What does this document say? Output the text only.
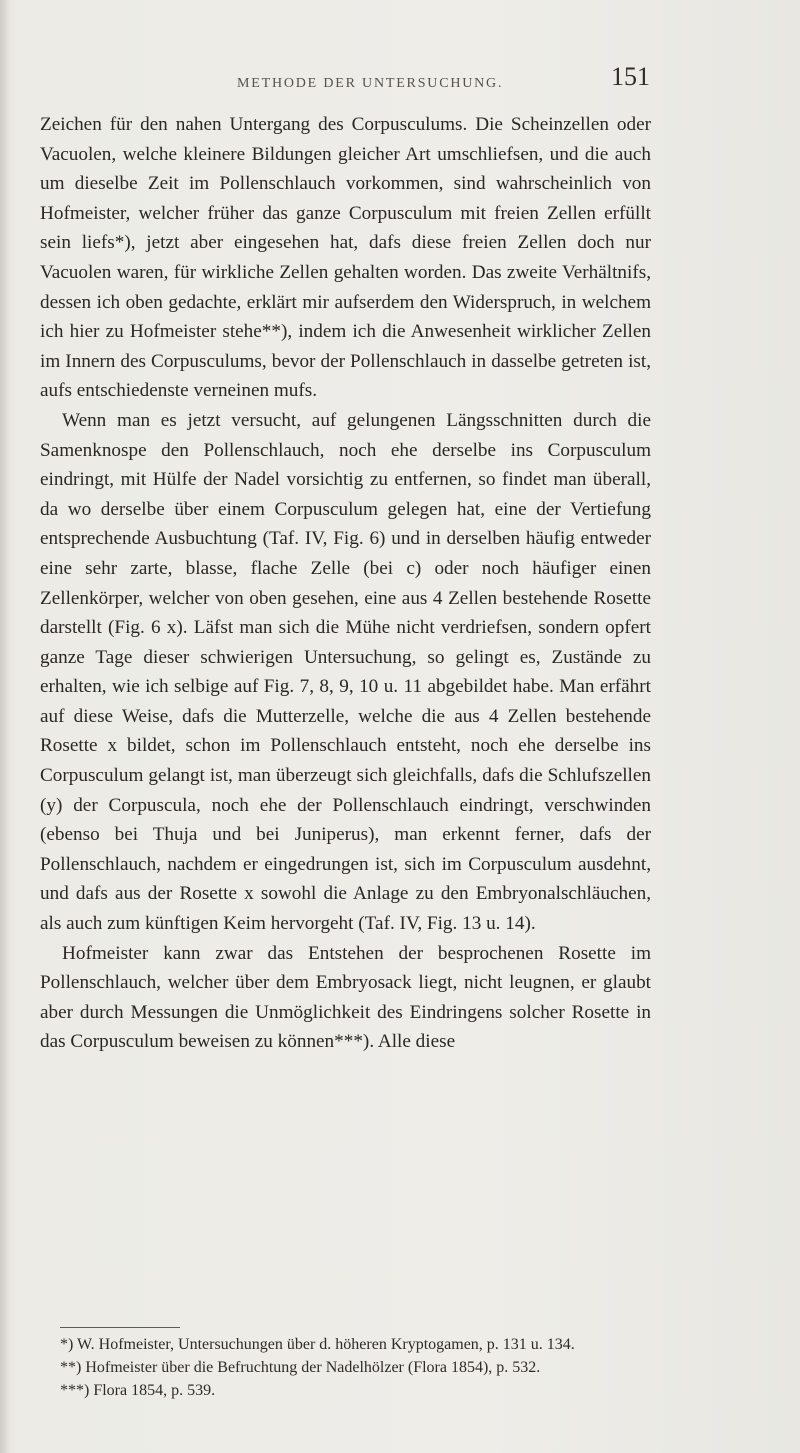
METHODE DER UNTERSUCHUNG.	151

Zeichen für den nahen Untergang des Corpusculums. Die Scheinzellen oder Vacuolen, welche kleinere Bildungen gleicher Art umschliefsen, und die auch um dieselbe Zeit im Pollenschlauch vorkommen, sind wahrscheinlich von Hofmeister, welcher früher das ganze Corpusculum mit freien Zellen erfüllt sein liefs*), jetzt aber eingesehen hat, dafs diese freien Zellen doch nur Vacuolen waren, für wirkliche Zellen gehalten worden. Das zweite Verhältnifs, dessen ich oben gedachte, erklärt mir aufserdem den Widerspruch, in welchem ich hier zu Hofmeister stehe**), indem ich die Anwesenheit wirklicher Zellen im Innern des Corpusculums, bevor der Pollenschlauch in dasselbe getreten ist, aufs entschiedenste verneinen mufs.

Wenn man es jetzt versucht, auf gelungenen Längsschnitten durch die Samenknospe den Pollenschlauch, noch ehe derselbe ins Corpusculum eindringt, mit Hülfe der Nadel vorsichtig zu entfernen, so findet man überall, da wo derselbe über einem Corpusculum gelegen hat, eine der Vertiefung entsprechende Ausbuchtung (Taf. IV, Fig. 6) und in derselben häufig entweder eine sehr zarte, blasse, flache Zelle (bei c) oder noch häufiger einen Zellenkörper, welcher von oben gesehen, eine aus 4 Zellen bestehende Rosette darstellt (Fig. 6 x). Läfst man sich die Mühe nicht verdriefsen, sondern opfert ganze Tage dieser schwierigen Untersuchung, so gelingt es, Zustände zu erhalten, wie ich selbige auf Fig. 7, 8, 9, 10 u. 11 abgebildet habe. Man erfährt auf diese Weise, dafs die Mutterzelle, welche die aus 4 Zellen bestehende Rosette x bildet, schon im Pollenschlauch entsteht, noch ehe derselbe ins Corpusculum gelangt ist, man überzeugt sich gleichfalls, dafs die Schlufszellen (y) der Corpuscula, noch ehe der Pollenschlauch eindringt, verschwinden (ebenso bei Thuja und bei Juniperus), man erkennt ferner, dafs der Pollenschlauch, nachdem er eingedrungen ist, sich im Corpusculum ausdehnt, und dafs aus der Rosette x sowohl die Anlage zu den Embryonalschläuchen, als auch zum künftigen Keim hervorgeht (Taf. IV, Fig. 13 u. 14).

Hofmeister kann zwar das Entstehen der besprochenen Rosette im Pollenschlauch, welcher über dem Embryosack liegt, nicht leugnen, er glaubt aber durch Messungen die Unmöglichkeit des Eindringens solcher Rosette in das Corpusculum beweisen zu können***). Alle diese

*) W. Hofmeister, Untersuchungen über d. höheren Kryptogamen, p. 131 u. 134.
**) Hofmeister über die Befruchtung der Nadelhölzer (Flora 1854), p. 532.
***) Flora 1854, p. 539.
